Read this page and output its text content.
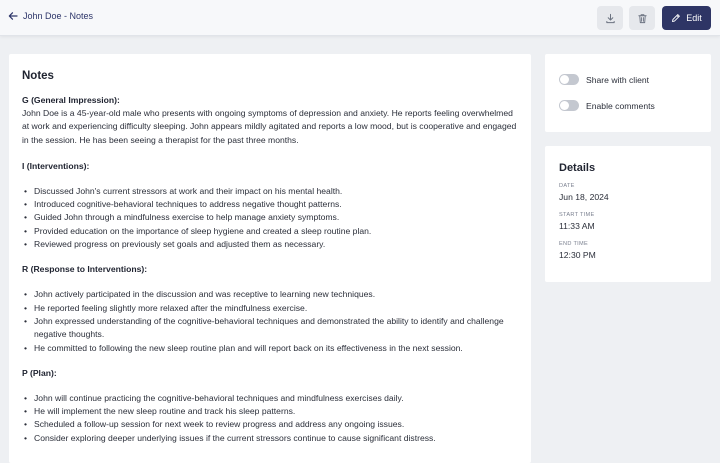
John Doe - Notes	Edit
Notes
G (General Impression):

John Doe is a 45-year-old male who presents with ongoing symptoms of depression and anxiety. He reports feeling overwhelmed at work and experiencing difficulty sleeping. John appears mildly agitated and reports a low mood, but is cooperative and engaged in the session. He has been seeing a therapist for the past three months.

I (Interventions):
• Discussed John's current stressors at work and their impact on his mental health.
• Introduced cognitive-behavioral techniques to address negative thought patterns.
• Guided John through a mindfulness exercise to help manage anxiety symptoms.
• Provided education on the importance of sleep hygiene and created a sleep routine plan.
• Reviewed progress on previously set goals and adjusted them as necessary.
R (Response to Interventions):
• John actively participated in the discussion and was receptive to learning new techniques.
• He reported feeling slightly more relaxed after the mindfulness exercise.
• John expressed understanding of the cognitive-behavioral techniques and demonstrated the ability to identify and challenge negative thoughts.
• He committed to following the new sleep routine plan and will report back on its effectiveness in the next session.
P (Plan):
• John will continue practicing the cognitive-behavioral techniques and mindfulness exercises daily.
• He will implement the new sleep routine and track his sleep patterns.
• Scheduled a follow-up session for next week to review progress and address any ongoing issues.
• Consider exploring deeper underlying issues if the current stressors continue to cause significant distress.
Share with client
Enable comments
Details
DATE
Jun 18, 2024
START TIME
11:33 AM
END TIME
12:30 PM
